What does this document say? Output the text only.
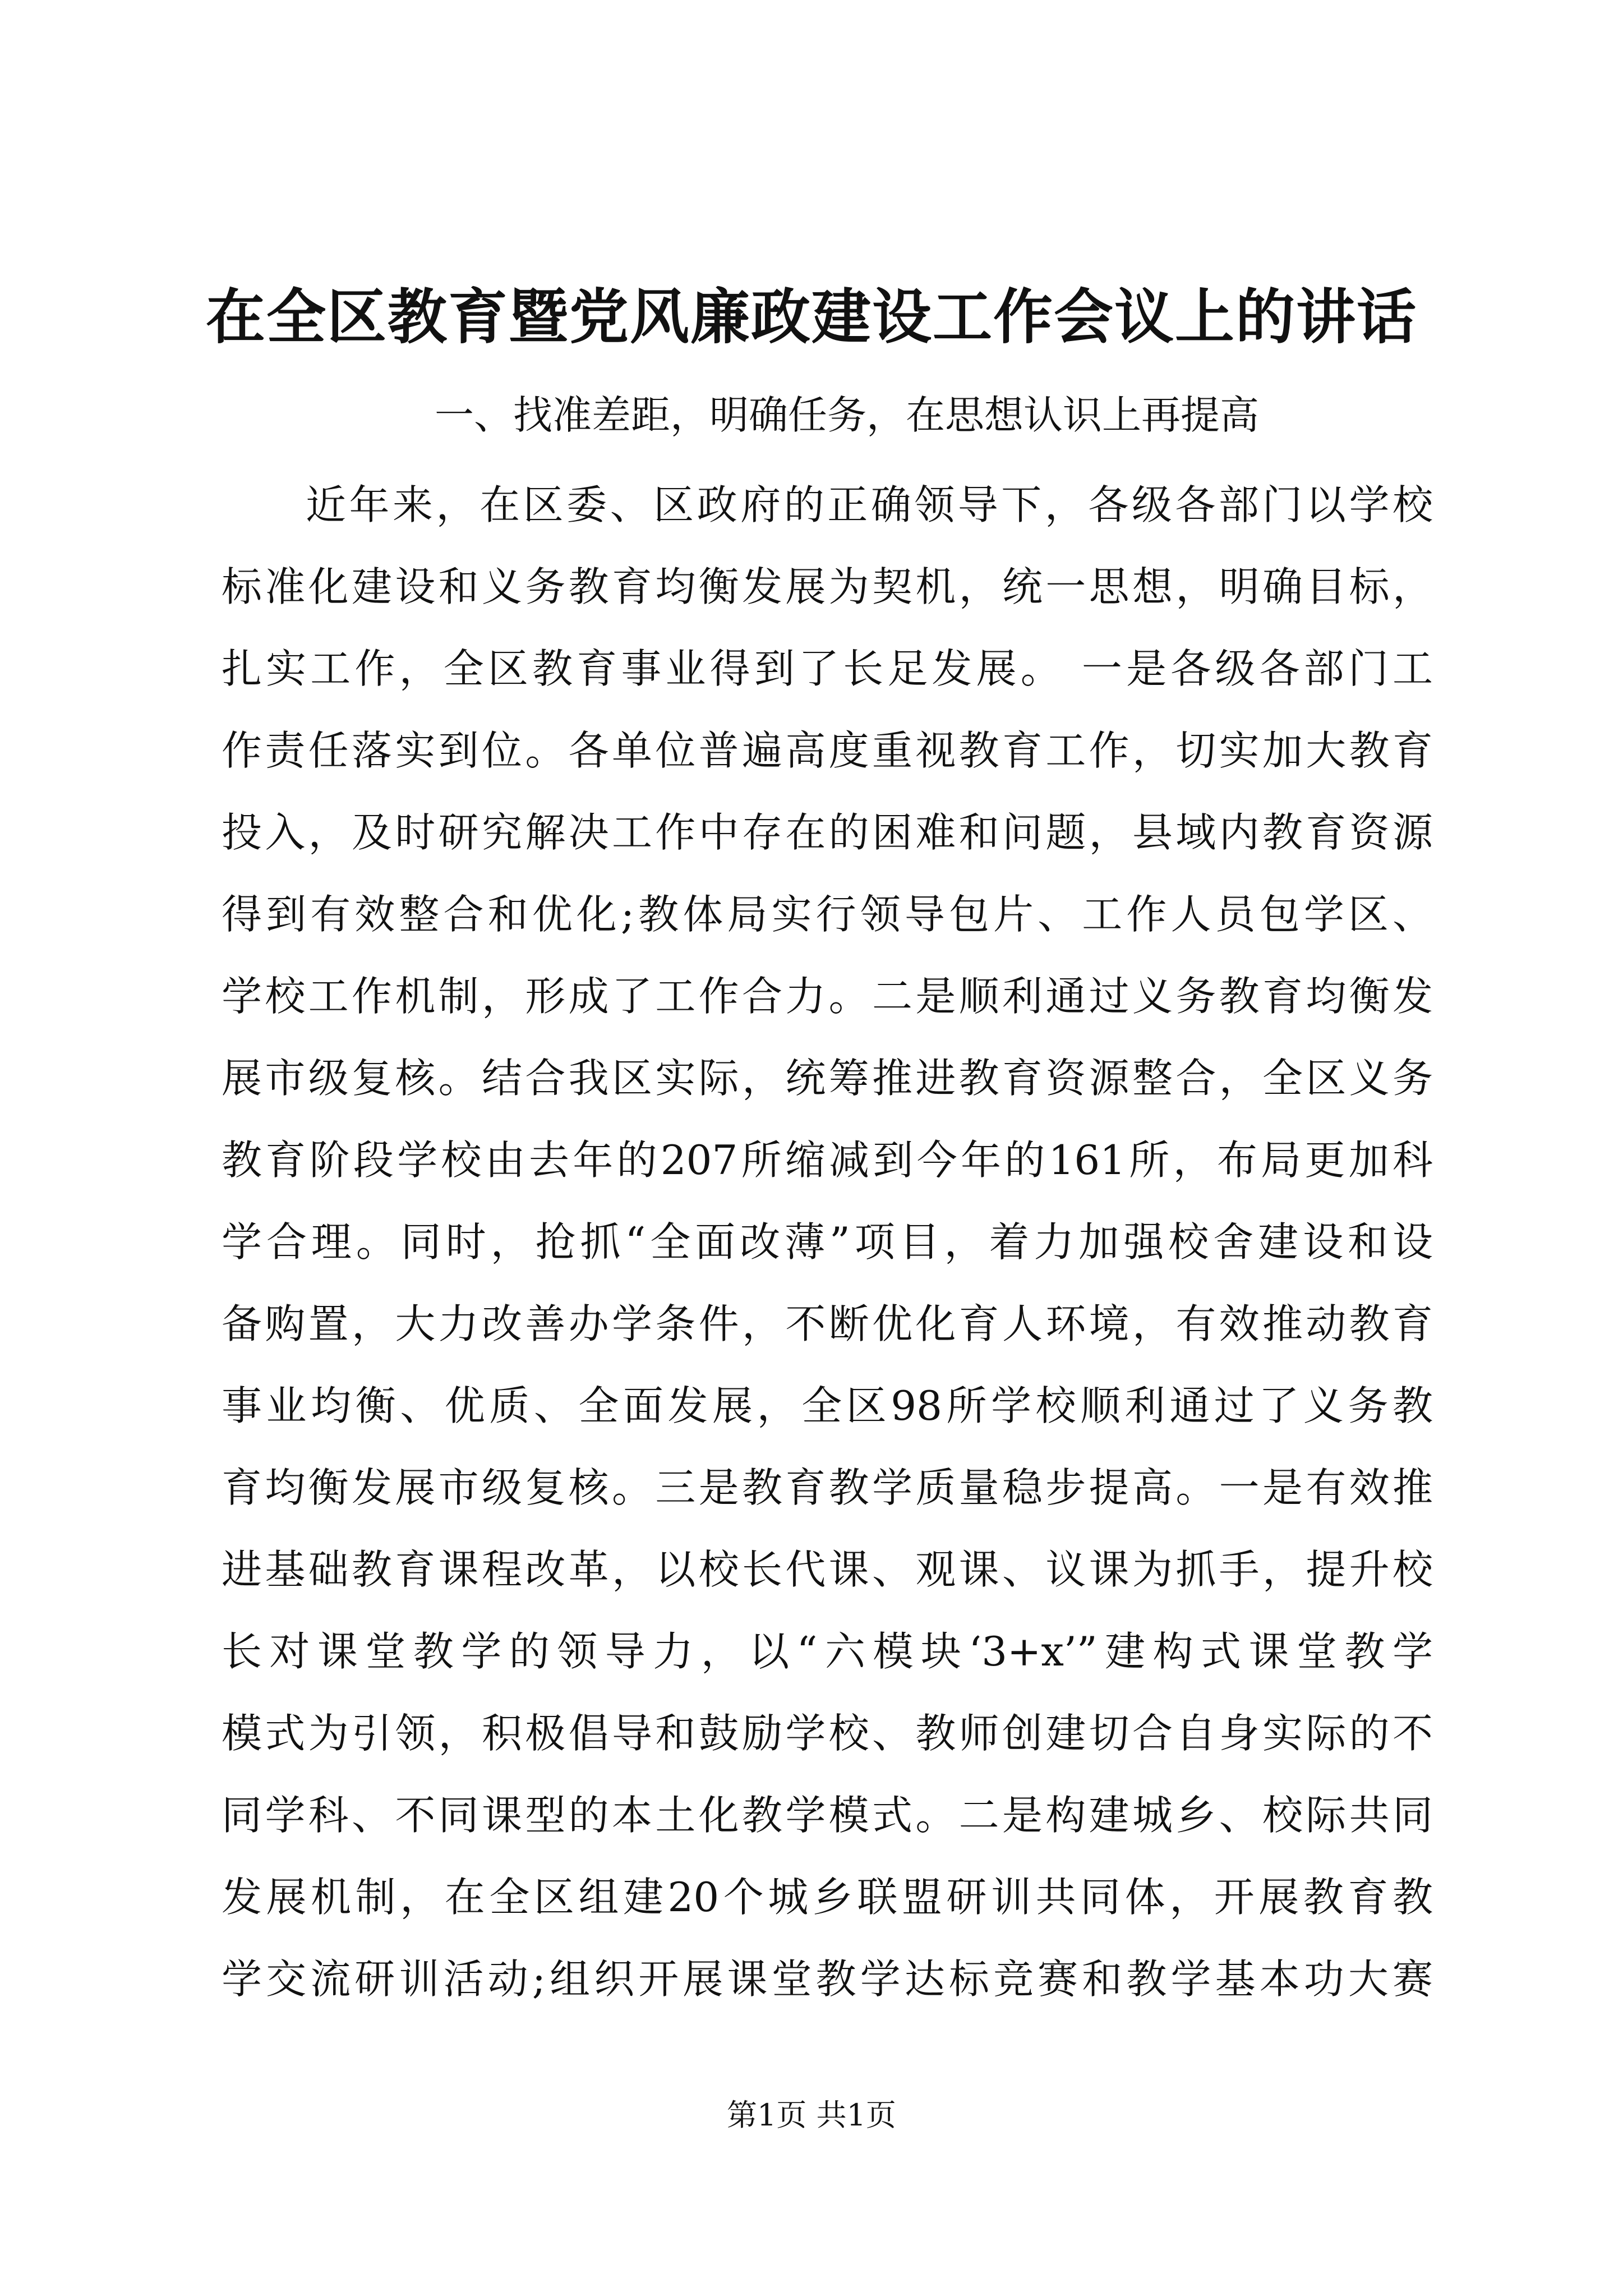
在全区教育暨党风廉政建设工作会议上的讲话
一、找准差距，明确任务，在思想认识上再提高
近年来，在区委、区政府的正确领导下，各级各部门以学校
标准化建设和义务教育均衡发展为契机，统一思想，明确目标，
扎实工作，全区教育事业得到了长足发展。 一是各级各部门工
作责任落实到位。各单位普遍高度重视教育工作，切实加大教育
投入，及时研究解决工作中存在的困难和问题，县域内教育资源
得到有效整合和优化;教体局实行领导包片、工作人员包学区、
学校工作机制，形成了工作合力。二是顺利通过义务教育均衡发
展市级复核。结合我区实际，统筹推进教育资源整合，全区义务
教育阶段学校由去年的207所缩减到今年的161所，布局更加科
学合理。同时，抢抓“全面改薄”项目，着力加强校舍建设和设
备购置，大力改善办学条件，不断优化育人环境，有效推动教育
事业均衡、优质、全面发展，全区98所学校顺利通过了义务教
育均衡发展市级复核。三是教育教学质量稳步提高。一是有效推
进基础教育课程改革，以校长代课、观课、议课为抓手，提升校
长对课堂教学的领导力，以“六模块‘3+x’”建构式课堂教学
模式为引领，积极倡导和鼓励学校、教师创建切合自身实际的不
同学科、不同课型的本土化教学模式。二是构建城乡、校际共同
发展机制，在全区组建20个城乡联盟研训共同体，开展教育教
学交流研训活动;组织开展课堂教学达标竞赛和教学基本功大赛
第1页 共1页
